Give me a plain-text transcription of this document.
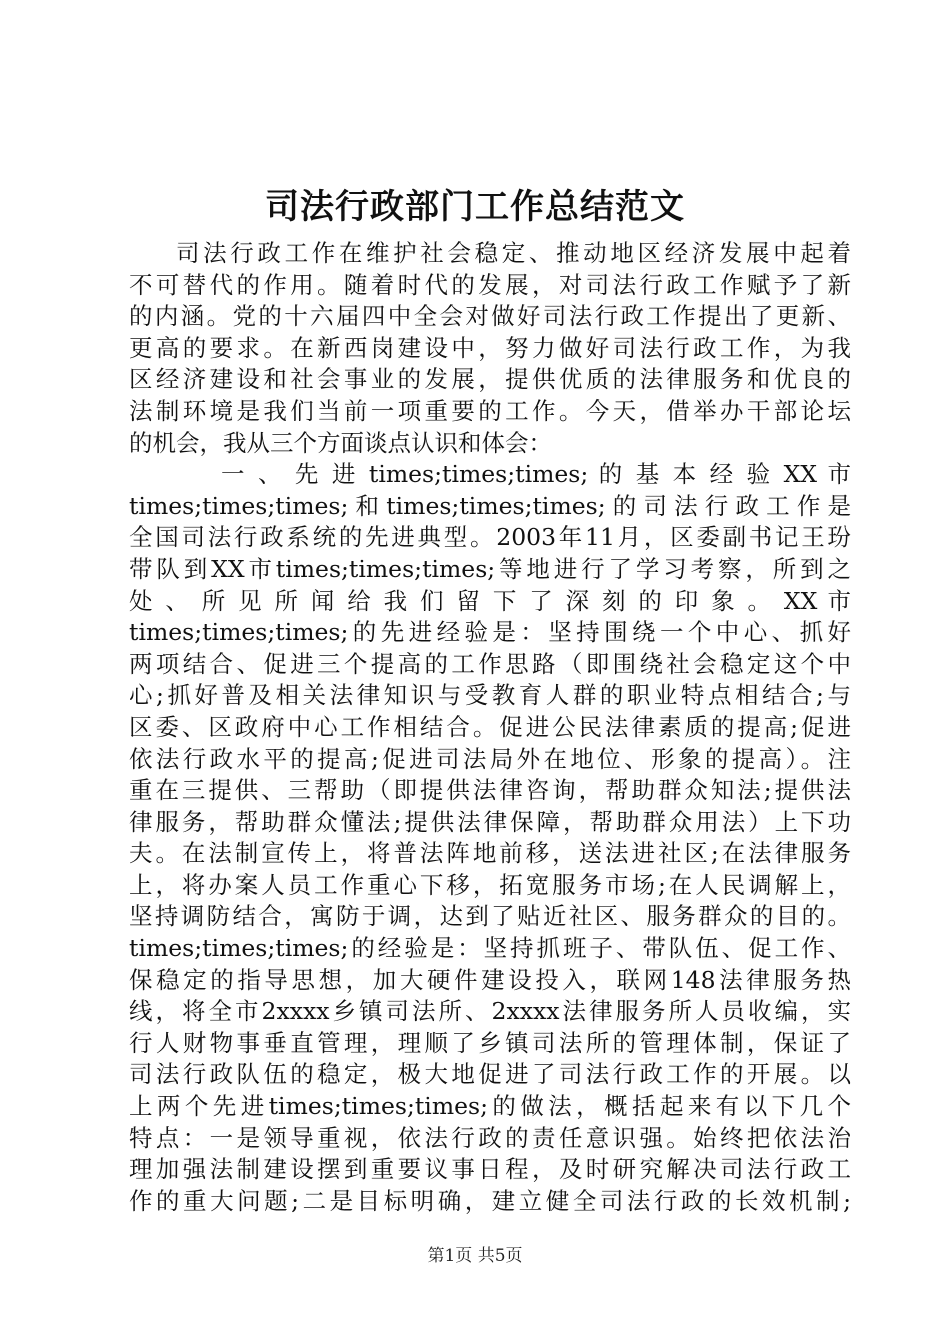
司法行政部门工作总结范文
司法行政工作在维护社会稳定、推动地区经济发展中起着
不可替代的作用。随着时代的发展，对司法行政工作赋予了新
的内涵。党的十六届四中全会对做好司法行政工作提出了更新、
更高的要求。在新西岗建设中，努力做好司法行政工作，为我
区经济建设和社会事业的发展，提供优质的法律服务和优良的
法制环境是我们当前一项重要的工作。今天，借举办干部论坛
的机会，我从三个方面谈点认识和体会：
一 、 先 进 times;times;times; 的 基 本 经 验 XX 市
times;times;times;和times;times;times;的司法行政工作是
全国司法行政系统的先进典型。2003年11月，区委副书记王玢
带队到XX市times;times;times;等地进行了学习考察，所到之
处 、 所 见 所 闻 给 我 们 留 下 了 深 刻 的 印 象 。 XX 市
times;times;times;的先进经验是：坚持围绕一个中心、抓好
两项结合、促进三个提高的工作思路（即围绕社会稳定这个中
心;抓好普及相关法律知识与受教育人群的职业特点相结合;与
区委、区政府中心工作相结合。促进公民法律素质的提高;促进
依法行政水平的提高;促进司法局外在地位、形象的提高）。注
重在三提供、三帮助（即提供法律咨询，帮助群众知法;提供法
律服务，帮助群众懂法;提供法律保障，帮助群众用法）上下功
夫。在法制宣传上，将普法阵地前移，送法进社区;在法律服务
上，将办案人员工作重心下移，拓宽服务市场;在人民调解上，
坚持调防结合，寓防于调，达到了贴近社区、服务群众的目的。
times;times;times;的经验是：坚持抓班子、带队伍、促工作、
保稳定的指导思想，加大硬件建设投入，联网148法律服务热
线，将全市2xxxx乡镇司法所、2xxxx法律服务所人员收编，实
行人财物事垂直管理，理顺了乡镇司法所的管理体制，保证了
司法行政队伍的稳定，极大地促进了司法行政工作的开展。以
上两个先进times;times;times;的做法，概括起来有以下几个
特点：一是领导重视，依法行政的责任意识强。始终把依法治
理加强法制建设摆到重要议事日程，及时研究解决司法行政工
作的重大问题;二是目标明确，建立健全司法行政的长效机制;
第1页 共5页
